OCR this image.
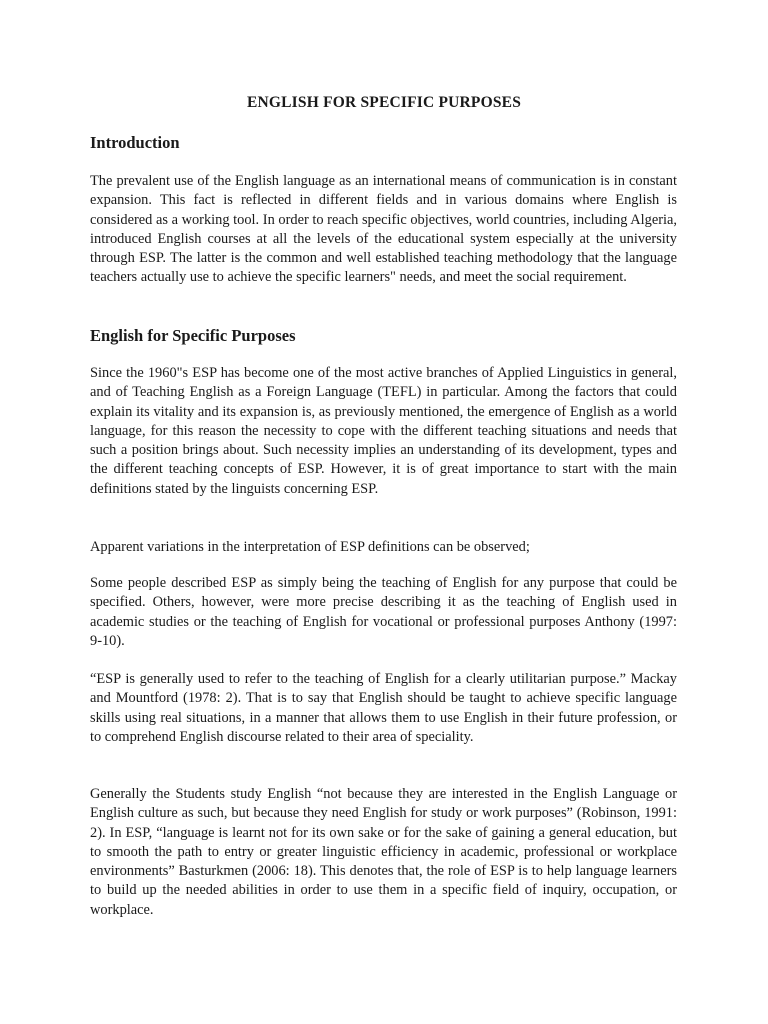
ENGLISH FOR SPECIFIC PURPOSES
Introduction

The prevalent use of the English language as an international means of communication is in constant expansion. This fact is reflected in different fields and in various domains where English is considered as a working tool. In order to reach specific objectives, world countries, including Algeria, introduced English courses at all the levels of the educational system especially at the university through ESP. The latter is the common and well established teaching methodology that the language teachers actually use to achieve the specific learners" needs, and meet the social requirement.

English for Specific Purposes

Since the 1960"s ESP has become one of the most active branches of Applied Linguistics in general, and of Teaching English as a Foreign Language (TEFL) in particular. Among the factors that could explain its vitality and its expansion is, as previously mentioned, the emergence of English as a world language, for this reason the necessity to cope with the different teaching situations and needs that such a position brings about. Such necessity implies an understanding of its development, types and the different teaching concepts of ESP. However, it is of great importance to start with the main definitions stated by the linguists concerning ESP.

Apparent variations in the interpretation of ESP definitions can be observed;

Some people described ESP as simply being the teaching of English for any purpose that could be specified. Others, however, were more precise describing it as the teaching of English used in academic studies or the teaching of English for vocational or professional purposes Anthony (1997: 9-10).

“ESP is generally used to refer to the teaching of English for a clearly utilitarian purpose.” Mackay and Mountford (1978: 2). That is to say that English should be taught to achieve specific language skills using real situations, in a manner that allows them to use English in their future profession, or to comprehend English discourse related to their area of speciality.

Generally the Students study English “not because they are interested in the English Language or English culture as such, but because they need English for study or work purposes” (Robinson, 1991: 2). In ESP, “language is learnt not for its own sake or for the sake of gaining a general education, but to smooth the path to entry or greater linguistic efficiency in academic, professional or workplace environments” Basturkmen (2006: 18). This denotes that, the role of ESP is to help language learners to build up the needed abilities in order to use them in a specific field of inquiry, occupation, or workplace.
